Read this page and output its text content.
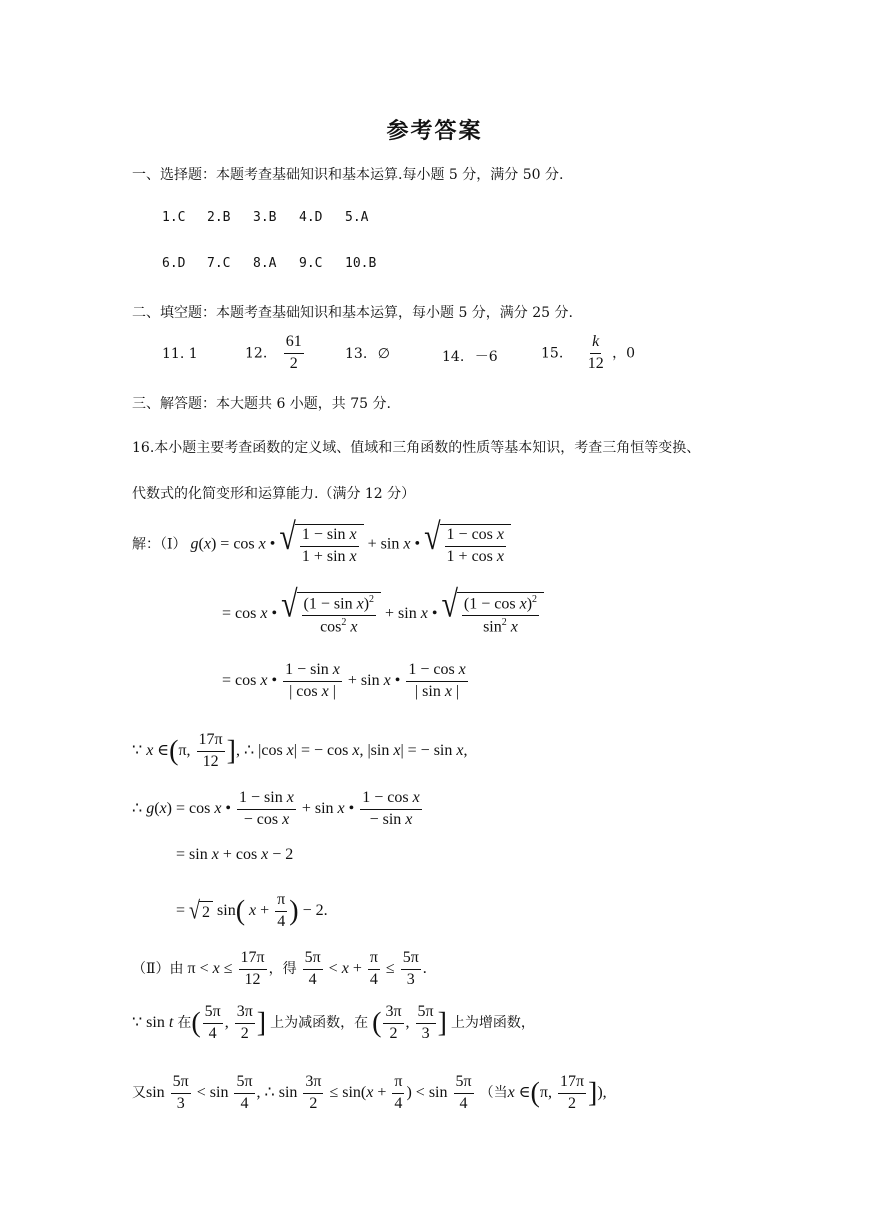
参考答案
一、选择题：本题考查基础知识和基本运算.每小题 5 分，满分 50 分.
1.C 2.B 3.B 4.D 5.A
6.D 7.C 8.A 9.C 10.B
二、填空题：本题考查基础知识和基本运算，每小题 5 分，满分 25 分.
11. 1	12. $\frac{61}{2}$	13. ∅	14. －6	15. $\frac{k}{12}$ ，0
三、解答题：本大题共 6 小题，共 75 分.
16.本小题主要考查函数的定义域、值域和三角函数的性质等基本知识，考查三角恒等变换、
代数式的化简变形和运算能力.（满分 12 分）
解：（Ⅰ） g(x) = cos x • √ $\frac{\text{1 − sin x}}{\text{1 + sin x}} + \sin x$ • √ $\frac{\text{1 − cos x}}{\text{1 + cos x}}$
= cos x • √ $\frac{(1 - \sin x)^2}{\cos^2 x} + \sin x$ • √ $\frac{(1 - \cos x)^2}{\sin^2 x}$
= cos x • $\frac{\text{1 − sin x}}{\text{| cos x |}} + \sin x$ • $\frac{\text{1 − cos x}}{\text{| sin x |}}$
∵ x ∈(π, $\frac{17\pi}{12}$ ], ∴ |cos x| = − cos x, |sin x| = − sin x,
∴ g(x) = cos x • $\frac{\text{1 − sin x}}{\text{− cos x}} + \sin x$ • $\frac{\text{1 − cos x}}{\text{− sin x}}$
= sin x + cos x − 2
= √ 2 sin( $x + \frac{\pi}{4}$ ) − 2.
（Ⅱ）由 $\pi < x \le \frac{17\pi}{12}$ ，得 $\frac{5\pi}{4} < x + \frac{\pi}{4} \le \frac{5\pi}{3}$ .
∵ sin t 在( $\frac{5\pi}{4}$ , $\frac{3\pi}{2}$ ] 上为减函数，在 ( $\frac{3\pi}{2}$ , $\frac{5\pi}{3}$ ] 上为增函数，
又$\sin \frac{5\pi}{3} < \sin \frac{5\pi}{4}$ , ∴ $\sin \frac{3\pi}{2} \le \sin(x + \frac{\pi}{4}$ ) < $\sin \frac{5\pi}{4}$ （当x ∈(π, $\frac{17\pi}{2}$ ]),
